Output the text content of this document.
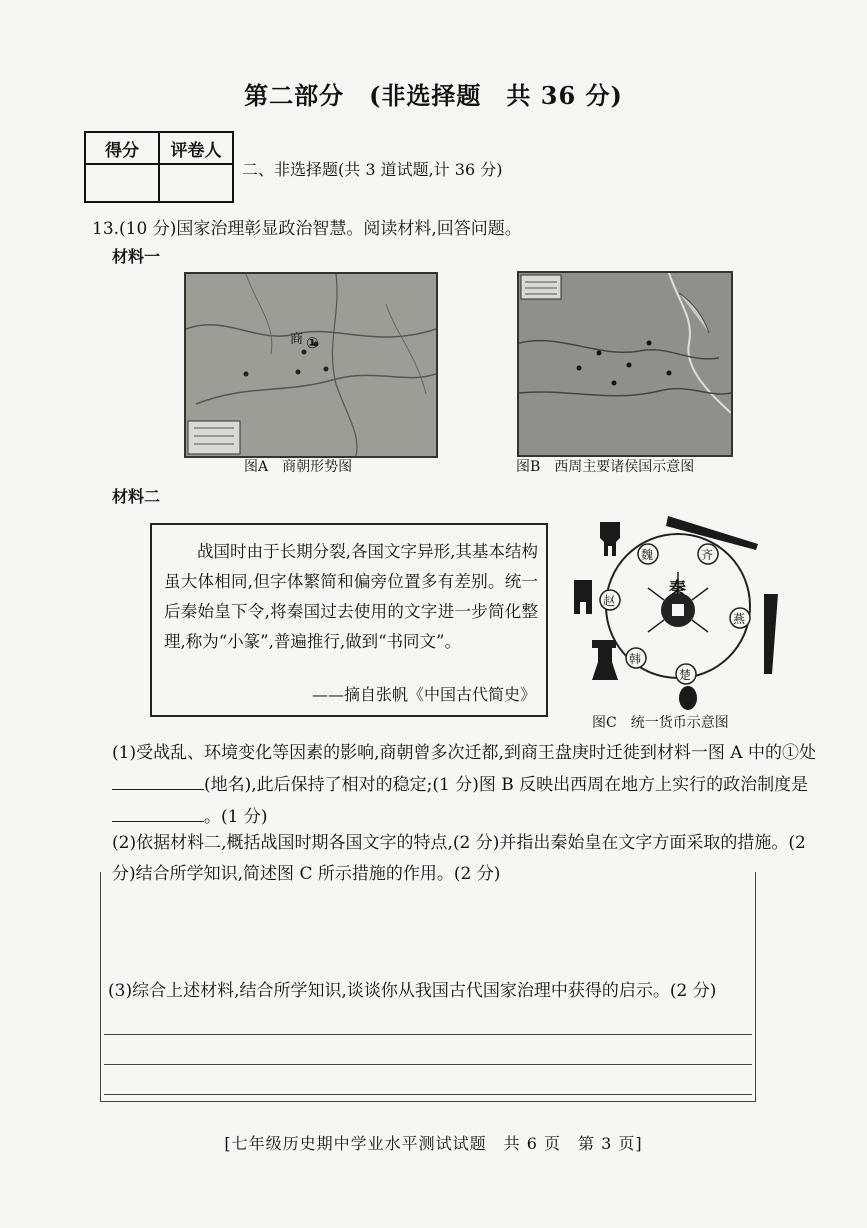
第二部分　(非选择题　共 36 分)
得分	评卷人

二、非选择题(共 3 道试题,计 36 分)
13.(10 分)国家治理彰显政治智慧。阅读材料,回答问题。
材料一
商 ①
图A　商朝形势图	图B　西周主要诸侯国示意图
材料二

战国时由于长期分裂,各国文字异形,其基本结构虽大体相同,但字体繁简和偏旁位置多有差别。统一后秦始皇下令,将秦国过去使用的文字进一步简化整理,称为“小篆”,普遍推行,做到“书同文”。

——摘自张帆《中国古代简史》
秦
魏	齐
燕
楚
韩
赵
图C　统一货币示意图
(1)受战乱、环境变化等因素的影响,商朝曾多次迁都,到商王盘庚时迁徙到材料一图 A 中的①处(地名),此后保持了相对的稳定;(1 分)图 B 反映出西周在地方上实行的政治制度是。(1 分)
(2)依据材料二,概括战国时期各国文字的特点,(2 分)并指出秦始皇在文字方面采取的措施。(2 分)结合所学知识,简述图 C 所示措施的作用。(2 分)
(3)综合上述材料,结合所学知识,谈谈你从我国古代国家治理中获得的启示。(2 分)
[七年级历史期中学业水平测试试题　共 6 页　第 3 页]
